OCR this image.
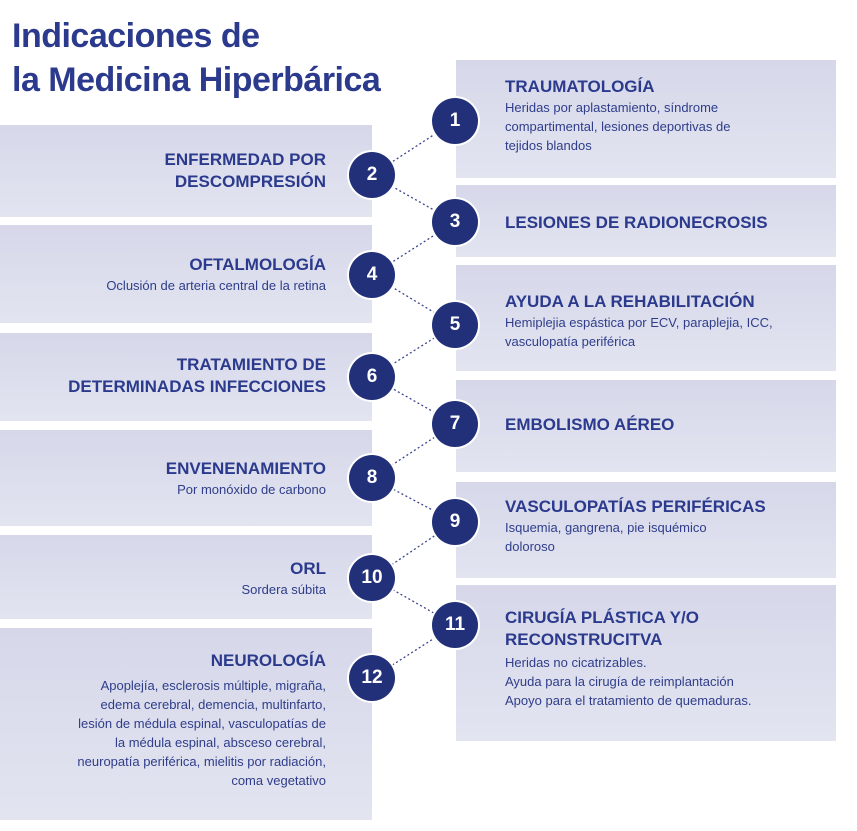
Indicaciones de
la Medicina Hiperbárica	TRAUMATOLOGÍA
Heridas por aplastamiento, síndrome
compartimental, lesiones deportivas de
tejidos blandos
LESIONES DE RADIONECROSIS
AYUDA A LA REHABILITACIÓN
Hemiplejia espástica por ECV, paraplejia, ICC,
vasculopatía periférica
EMBOLISMO AÉREO
VASCULOPATÍAS PERIFÉRICAS
Isquemia, gangrena, pie isquémico
doloroso
CIRUGÍA PLÁSTICA Y/O
RECONSTRUCITVA
Heridas no cicatrizables.
Ayuda para la cirugía de reimplantación
Apoyo para el tratamiento de quemaduras.
ENFERMEDAD POR
DESCOMPRESIÓN
OFTALMOLOGÍA
Oclusión de arteria central de la retina
TRATAMIENTO DE
DETERMINADAS INFECCIONES
ENVENENAMIENTO
Por monóxido de carbono
ORL
Sordera súbita
NEUROLOGÍA
Apoplejía, esclerosis múltiple, migraña,
edema cerebral, demencia, multinfarto,
lesión de médula espinal, vasculopatías de
la médula espinal, absceso cerebral,
neuropatía periférica, mielitis por radiación,
coma vegetativo
1
2
3
4
5
6
7
8
9
10
11
12
